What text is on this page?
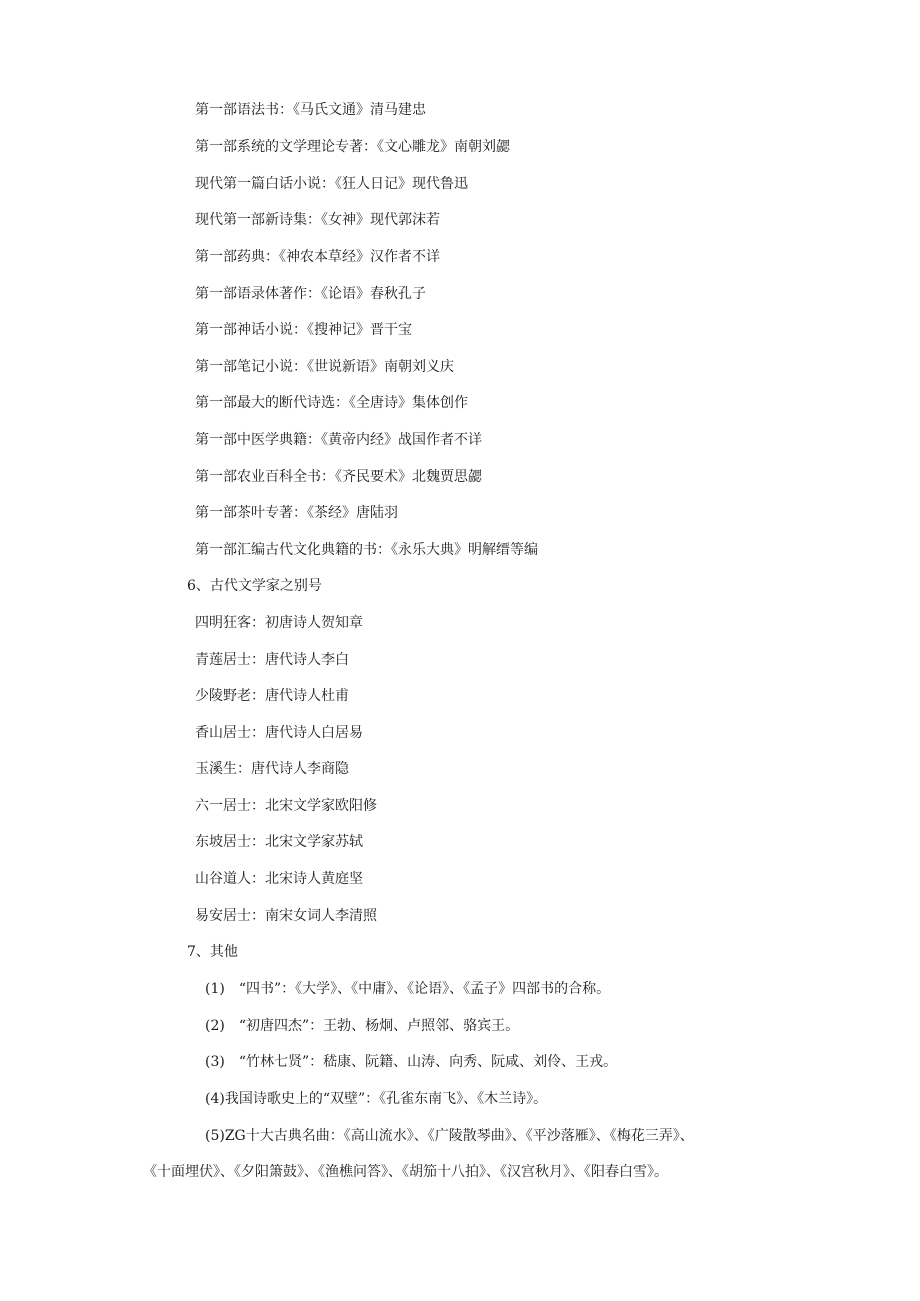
第一部语法书：《马氏文通》清马建忠
第一部系统的文学理论专著：《文心雕龙》南朝刘勰
现代第一篇白话小说：《狂人日记》现代鲁迅
现代第一部新诗集：《女神》现代郭沫若
第一部药典：《神农本草经》汉作者不详
第一部语录体著作：《论语》春秋孔子
第一部神话小说：《搜神记》晋干宝
第一部笔记小说：《世说新语》南朝刘义庆
第一部最大的断代诗选：《全唐诗》集体创作
第一部中医学典籍：《黄帝内经》战国作者不详
第一部农业百科全书：《齐民要术》北魏贾思勰
第一部茶叶专著：《茶经》唐陆羽
第一部汇编古代文化典籍的书：《永乐大典》明解缙等编
6、古代文学家之别号
四明狂客：初唐诗人贺知章
青莲居士：唐代诗人李白
少陵野老：唐代诗人杜甫
香山居士：唐代诗人白居易
玉溪生：唐代诗人李商隐
六一居士：北宋文学家欧阳修
东坡居士：北宋文学家苏轼
山谷道人：北宋诗人黄庭坚
易安居士：南宋女词人李清照
7、其他
(1)　“四书”：《大学》、《中庸》、《论语》、《孟子》四部书的合称。
(2)　“初唐四杰”：王勃、杨炯、卢照邻、骆宾王。
(3)　“竹林七贤”：嵇康、阮籍、山涛、向秀、阮咸、刘伶、王戎。
(4)我国诗歌史上的“双壁”：《孔雀东南飞》、《木兰诗》。
(5)ZG十大古典名曲：《高山流水》、《广陵散琴曲》、《平沙落雁》、《梅花三弄》、
《十面埋伏》、《夕阳箫鼓》、《渔樵问答》、《胡笳十八拍》、《汉宫秋月》、《阳春白雪》。
